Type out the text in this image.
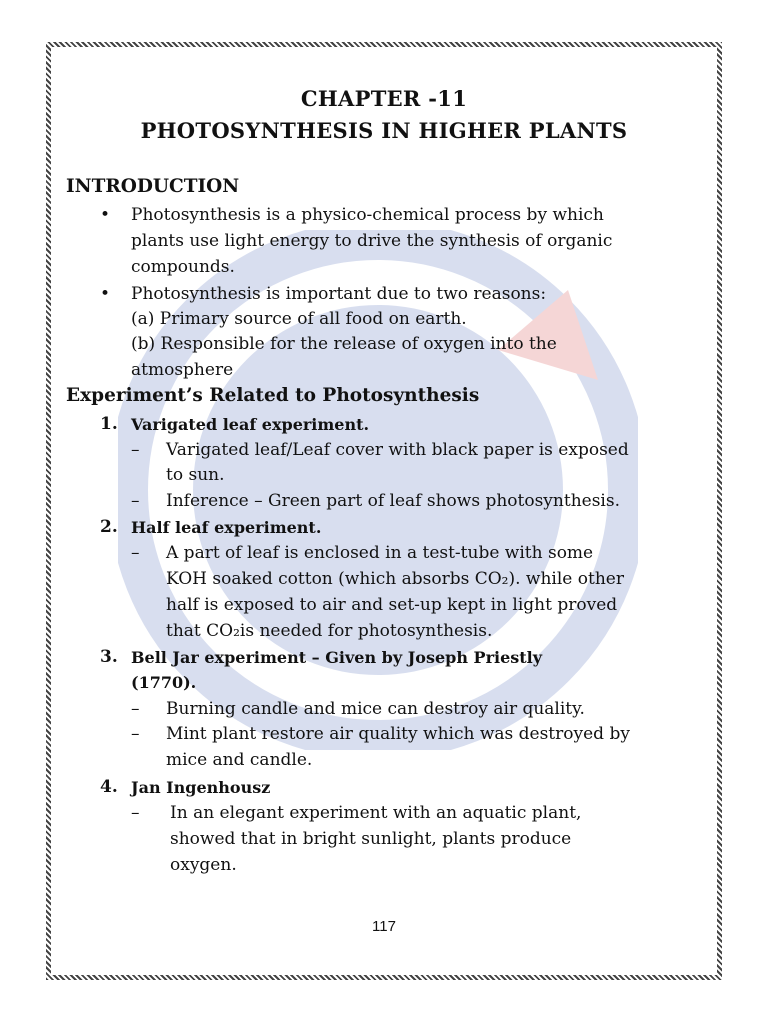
CHAPTER -11
PHOTOSYNTHESIS IN HIGHER PLANTS
INTRODUCTION
• Photosynthesis is a physico-chemical process by which
plants use light energy to drive the synthesis of organic
compounds.
• Photosynthesis is important due to two reasons:
(a) Primary source of all food on earth.
(b) Responsible for the release of oxygen into the
atmosphere
Experiment’s Related to Photosynthesis
1. Varigated leaf experiment.
– Varigated leaf/Leaf cover with black paper is exposed
to sun.
– Inference – Green part of leaf shows photosynthesis.
2. Half leaf experiment.
– A part of leaf is enclosed in a test-tube with some
KOH soaked cotton (which absorbs CO₂). while other
half is exposed to air and set-up kept in light proved
that CO₂is needed for photosynthesis.
3. Bell Jar experiment – Given by Joseph Priestly
(1770).
– Burning candle and mice can destroy air quality.
– Mint plant restore air quality which was destroyed by
mice and candle.
4. Jan Ingenhousz
– In an elegant experiment with an aquatic plant,
showed that in bright sunlight, plants produce
oxygen.
117
